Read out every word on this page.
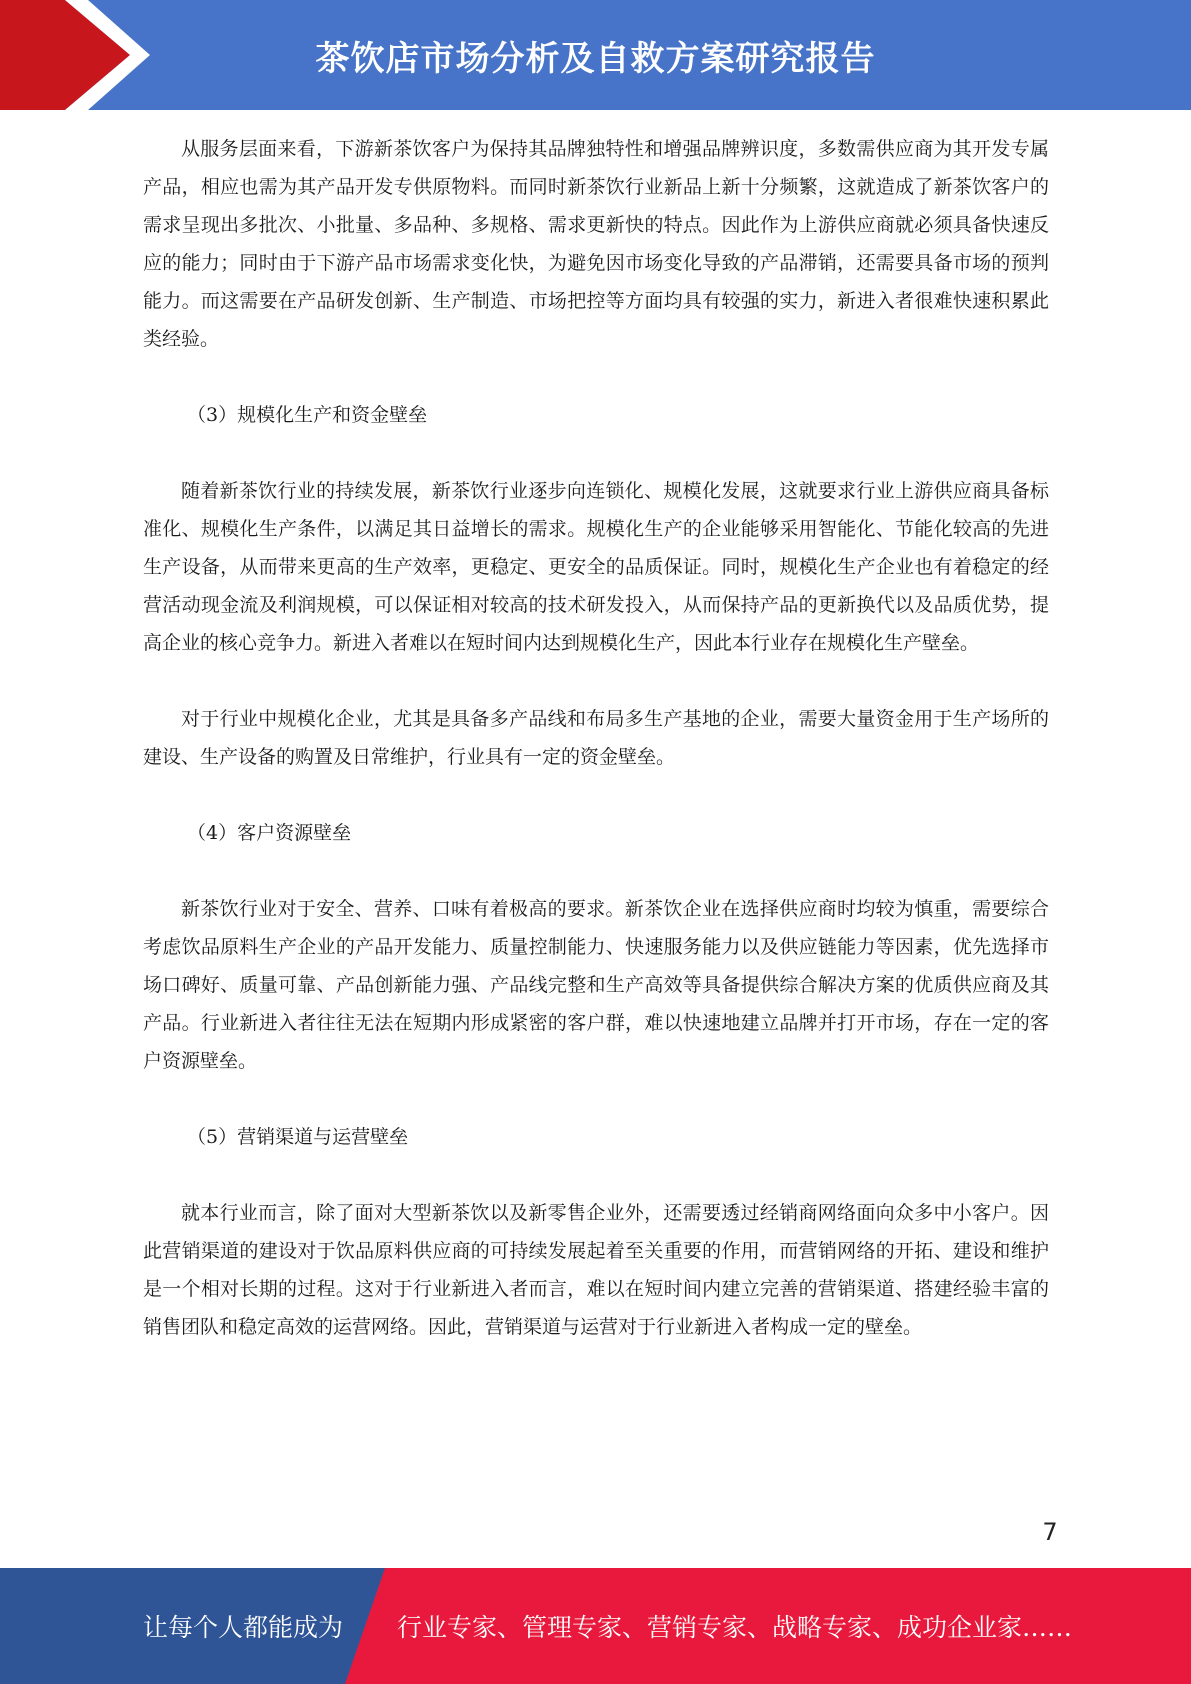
茶饮店市场分析及自救方案研究报告

从服务层面来看，下游新茶饮客户为保持其品牌独特性和增强品牌辨识度，多数需供应商为其开发专属产品，相应也需为其产品开发专供原物料。而同时新茶饮行业新品上新十分频繁，这就造成了新茶饮客户的需求呈现出多批次、小批量、多品种、多规格、需求更新快的特点。因此作为上游供应商就必须具备快速反应的能力；同时由于下游产品市场需求变化快，为避免因市场变化导致的产品滞销，还需要具备市场的预判能力。而这需要在产品研发创新、生产制造、市场把控等方面均具有较强的实力，新进入者很难快速积累此类经验。

（3）规模化生产和资金壁垒

随着新茶饮行业的持续发展，新茶饮行业逐步向连锁化、规模化发展，这就要求行业上游供应商具备标准化、规模化生产条件，以满足其日益增长的需求。规模化生产的企业能够采用智能化、节能化较高的先进生产设备，从而带来更高的生产效率，更稳定、更安全的品质保证。同时，规模化生产企业也有着稳定的经营活动现金流及利润规模，可以保证相对较高的技术研发投入，从而保持产品的更新换代以及品质优势，提高企业的核心竞争力。新进入者难以在短时间内达到规模化生产，因此本行业存在规模化生产壁垒。

对于行业中规模化企业，尤其是具备多产品线和布局多生产基地的企业，需要大量资金用于生产场所的建设、生产设备的购置及日常维护，行业具有一定的资金壁垒。

（4）客户资源壁垒

新茶饮行业对于安全、营养、口味有着极高的要求。新茶饮企业在选择供应商时均较为慎重，需要综合考虑饮品原料生产企业的产品开发能力、质量控制能力、快速服务能力以及供应链能力等因素，优先选择市场口碑好、质量可靠、产品创新能力强、产品线完整和生产高效等具备提供综合解决方案的优质供应商及其产品。行业新进入者往往无法在短期内形成紧密的客户群，难以快速地建立品牌并打开市场，存在一定的客户资源壁垒。

（5）营销渠道与运营壁垒

就本行业而言，除了面对大型新茶饮以及新零售企业外，还需要透过经销商网络面向众多中小客户。因此营销渠道的建设对于饮品原料供应商的可持续发展起着至关重要的作用，而营销网络的开拓、建设和维护是一个相对长期的过程。这对于行业新进入者而言，难以在短时间内建立完善的营销渠道、搭建经验丰富的销售团队和稳定高效的运营网络。因此，营销渠道与运营对于行业新进入者构成一定的壁垒。

7
让每个人都能成为 行业专家、管理专家、营销专家、战略专家、成功企业家……
